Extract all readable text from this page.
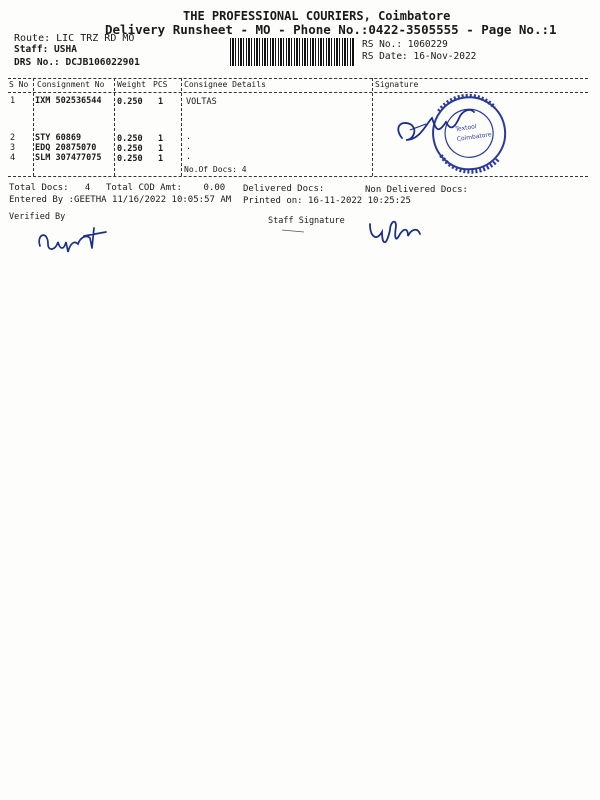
THE PROFESSIONAL COURIERS, Coimbatore
Delivery Runsheet - MO - Phone No.:0422-3505555 - Page No.:1
Route: LIC TRZ RD MO
Staff: USHA
DRS No.: DCJB106022901
RS No.: 1060229
RS Date: 16-Nov-2022
S No Consignment No Weight PCS Consignee Details	Signature
1 IXM 502536544 0.250 1	VOLTAS
2 STY 60869	0.250 1	.
3 EDQ 20875070 0.250 1	.
4 SLM 307477075 0.250 1	.
No.Of Docs: 4
Textool
Coimbatore
Total Docs:   4 Total COD Amt:    0.00 Delivered Docs:	Non Delivered Docs:
Entered By :GEETHA 11/16/2022 10:05:57 AM Printed on: 16-11-2022 10:25:25
Verified By	Staff Signature
